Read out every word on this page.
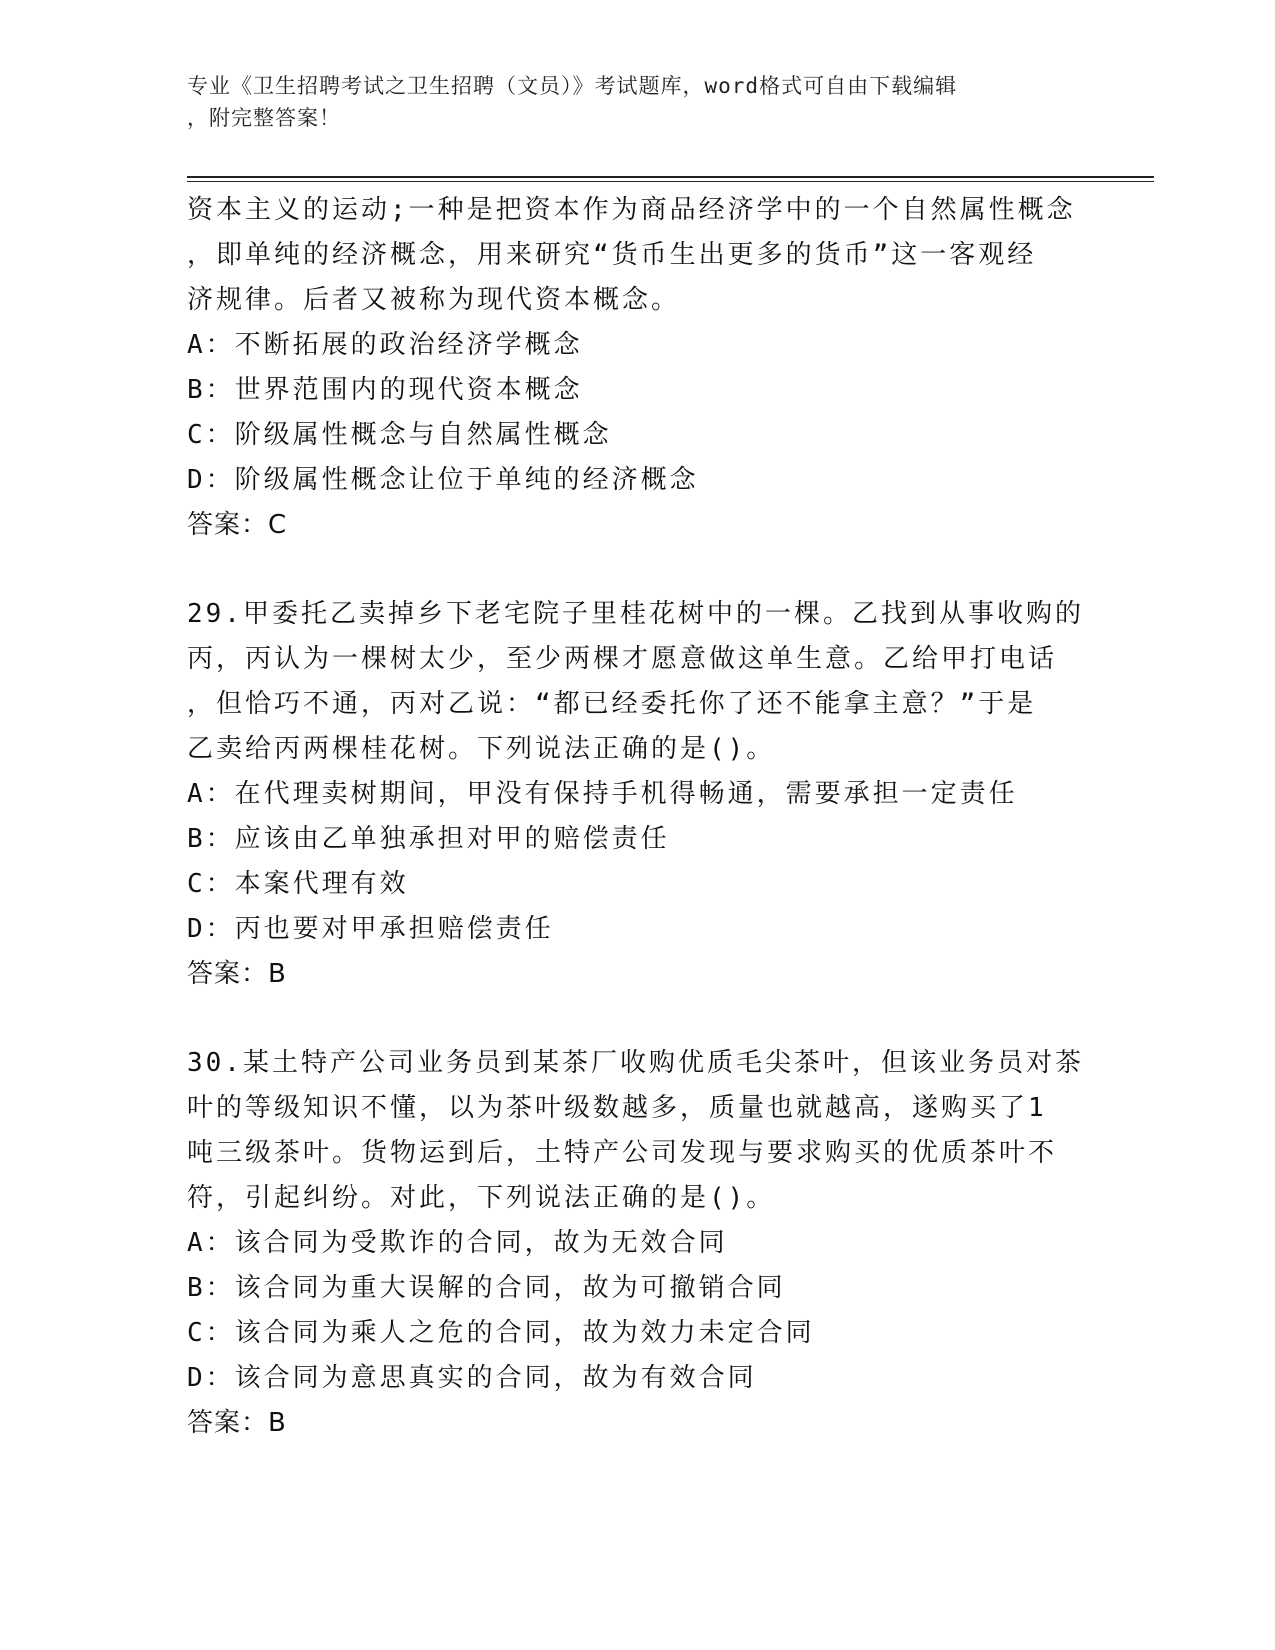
专业《卫生招聘考试之卫生招聘（文员）》考试题库，word格式可自由下载编辑
，附完整答案！
资本主义的运动;一种是把资本作为商品经济学中的一个自然属性概念
，即单纯的经济概念，用来研究“货币生出更多的货币”这一客观经
济规律。后者又被称为现代资本概念。
A：不断拓展的政治经济学概念
B：世界范围内的现代资本概念
C：阶级属性概念与自然属性概念
D：阶级属性概念让位于单纯的经济概念
答案：C
29.甲委托乙卖掉乡下老宅院子里桂花树中的一棵。乙找到从事收购的
丙，丙认为一棵树太少，至少两棵才愿意做这单生意。乙给甲打电话
，但恰巧不通，丙对乙说：“都已经委托你了还不能拿主意？”于是
乙卖给丙两棵桂花树。下列说法正确的是()。
A：在代理卖树期间，甲没有保持手机得畅通，需要承担一定责任
B：应该由乙单独承担对甲的赔偿责任
C：本案代理有效
D：丙也要对甲承担赔偿责任
答案：B
30.某土特产公司业务员到某茶厂收购优质毛尖茶叶，但该业务员对茶
叶的等级知识不懂，以为茶叶级数越多，质量也就越高，遂购买了1
吨三级茶叶。货物运到后，土特产公司发现与要求购买的优质茶叶不
符，引起纠纷。对此，下列说法正确的是()。
A：该合同为受欺诈的合同，故为无效合同
B：该合同为重大误解的合同，故为可撤销合同
C：该合同为乘人之危的合同，故为效力未定合同
D：该合同为意思真实的合同，故为有效合同
答案：B
